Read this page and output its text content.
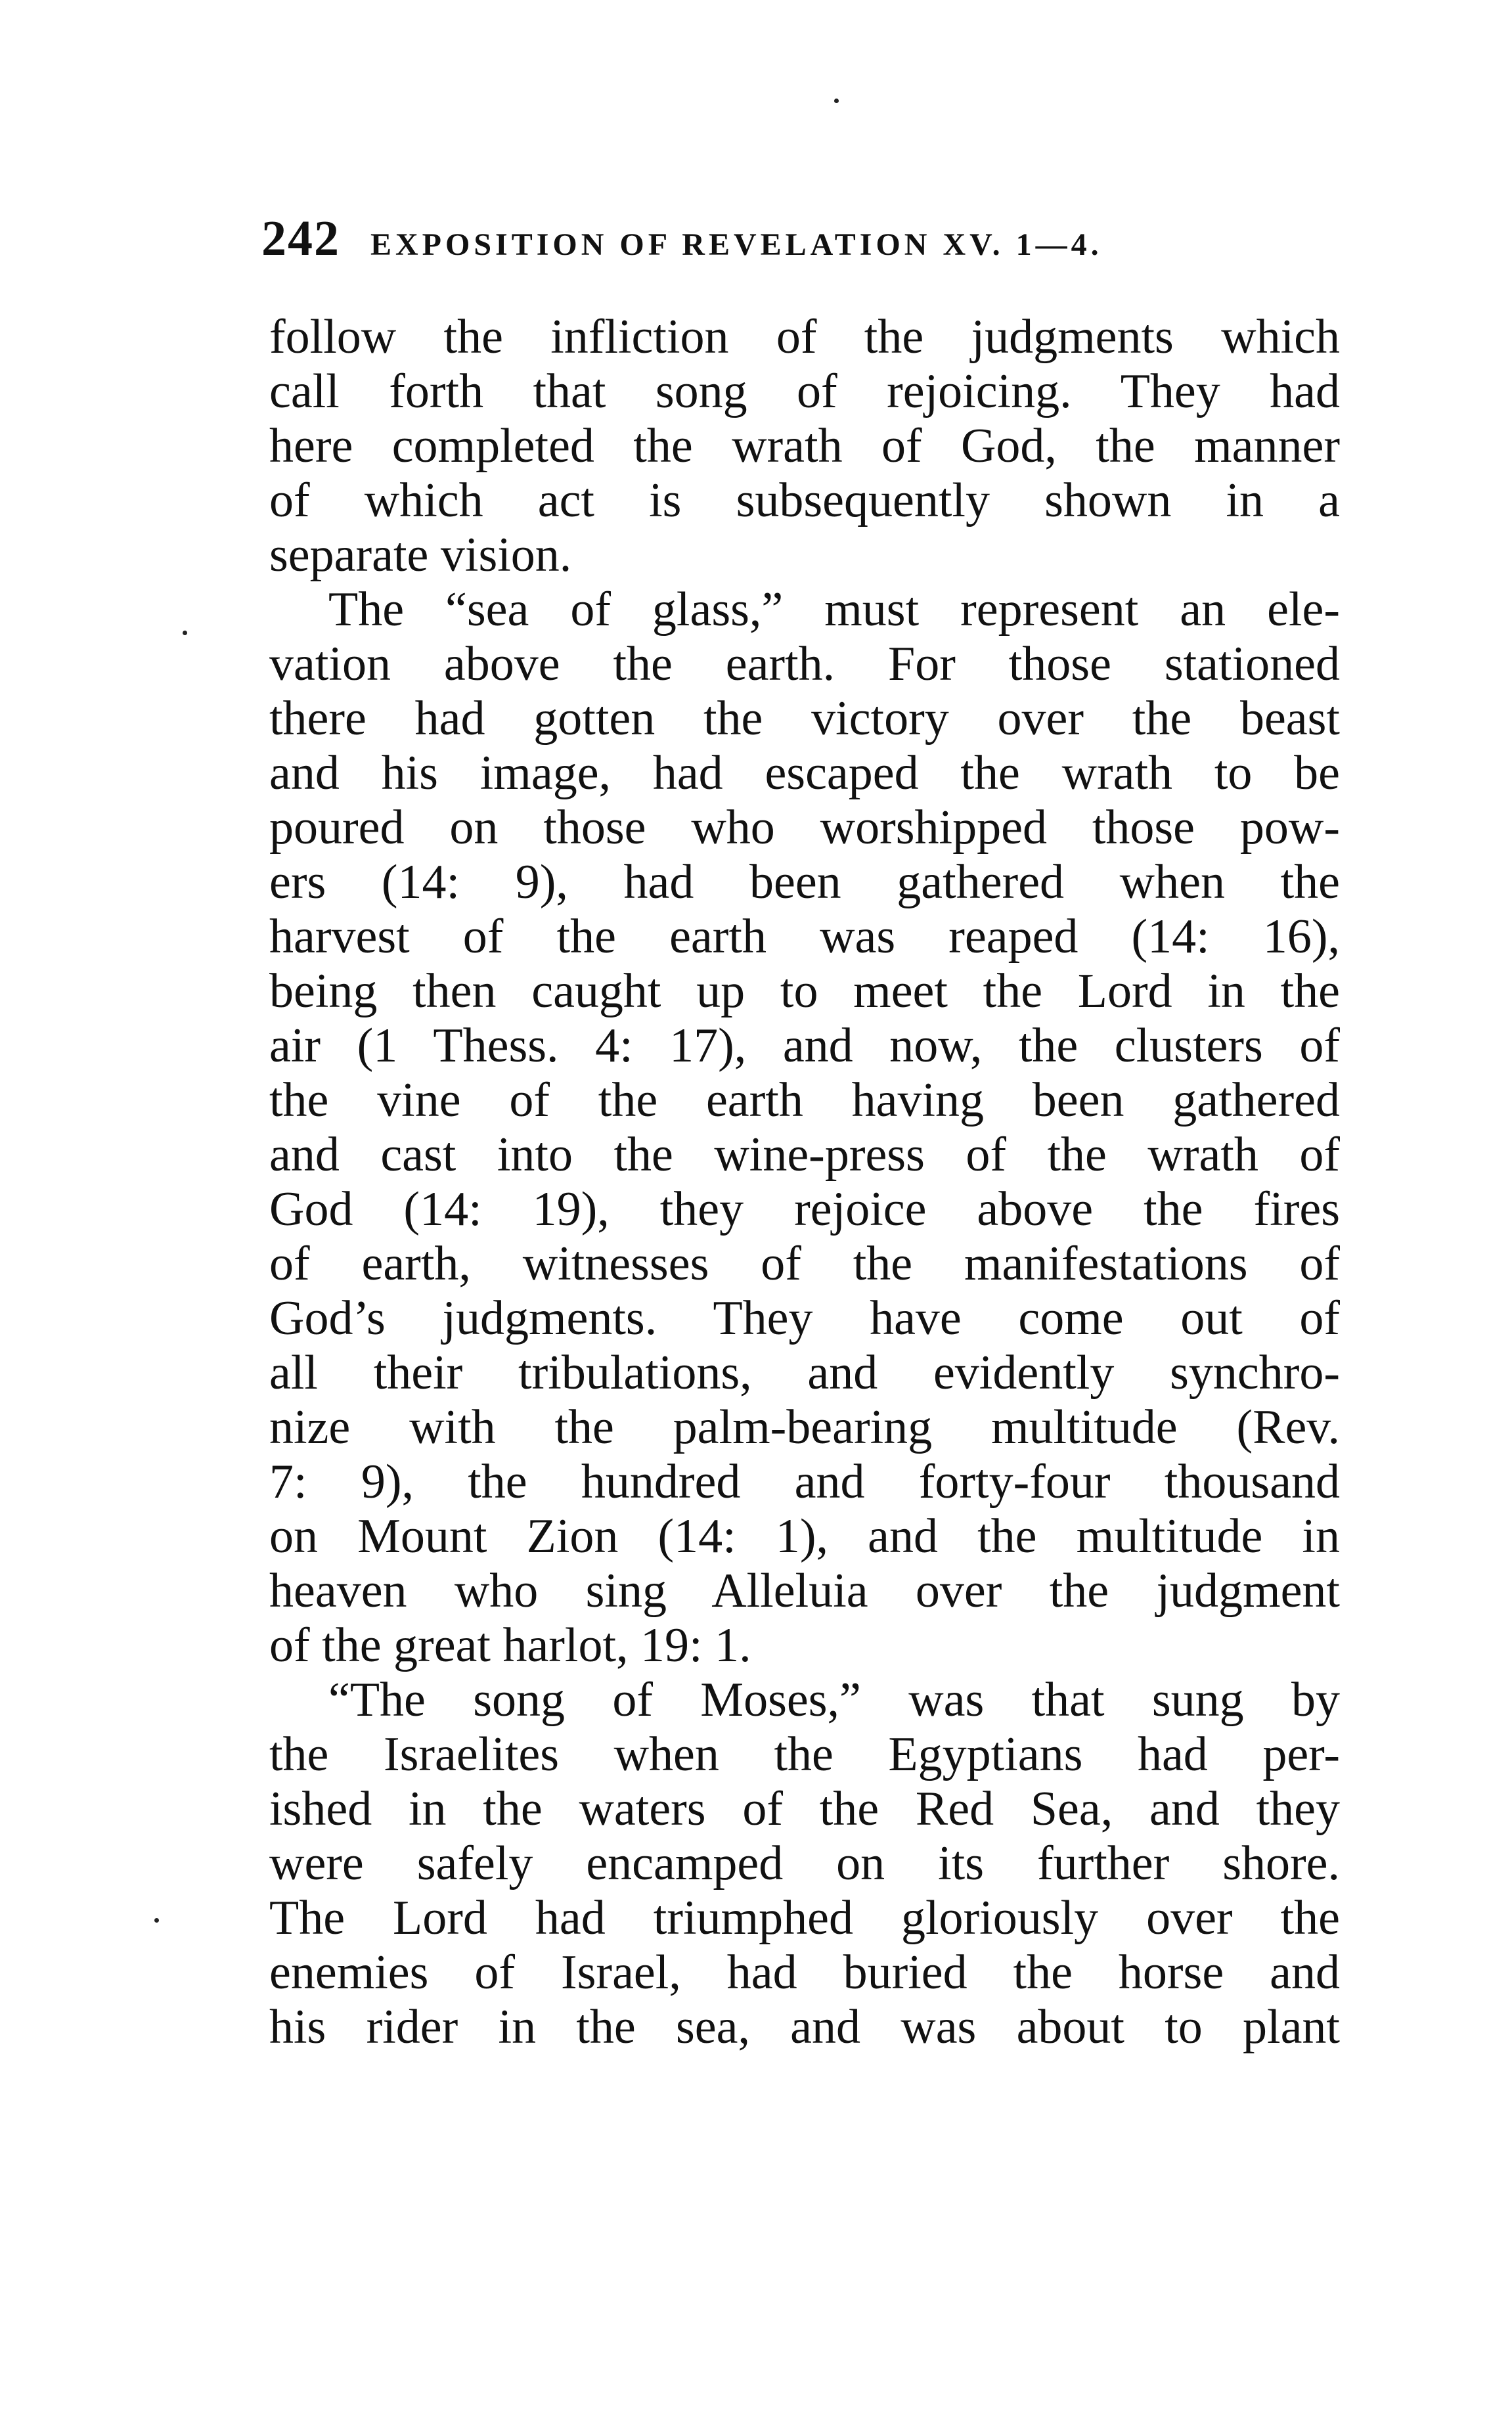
242 EXPOSITION OF REVELATION XV. 1—4.
follow the infliction of the judgments which
call forth that song of rejoicing. They had
here completed the wrath of God, the manner
of which act is subsequently shown in a
separate vision.
The “sea of glass,” must represent an ele-
vation above the earth. For those stationed
there had gotten the victory over the beast
and his image, had escaped the wrath to be
poured on those who worshipped those pow-
ers (14: 9), had been gathered when the
harvest of the earth was reaped (14: 16),
being then caught up to meet the Lord in the
air (1 Thess. 4: 17), and now, the clusters of
the vine of the earth having been gathered
and cast into the wine-press of the wrath of
God (14: 19), they rejoice above the fires
of earth, witnesses of the manifestations of
God’s judgments. They have come out of
all their tribulations, and evidently synchro-
nize with the palm-bearing multitude (Rev.
7: 9), the hundred and forty-four thousand
on Mount Zion (14: 1), and the multitude in
heaven who sing Alleluia over the judgment
of the great harlot, 19: 1.
“The song of Moses,” was that sung by
the Israelites when the Egyptians had per-
ished in the waters of the Red Sea, and they
were safely encamped on its further shore.
The Lord had triumphed gloriously over the
enemies of Israel, had buried the horse and
his rider in the sea, and was about to plant
